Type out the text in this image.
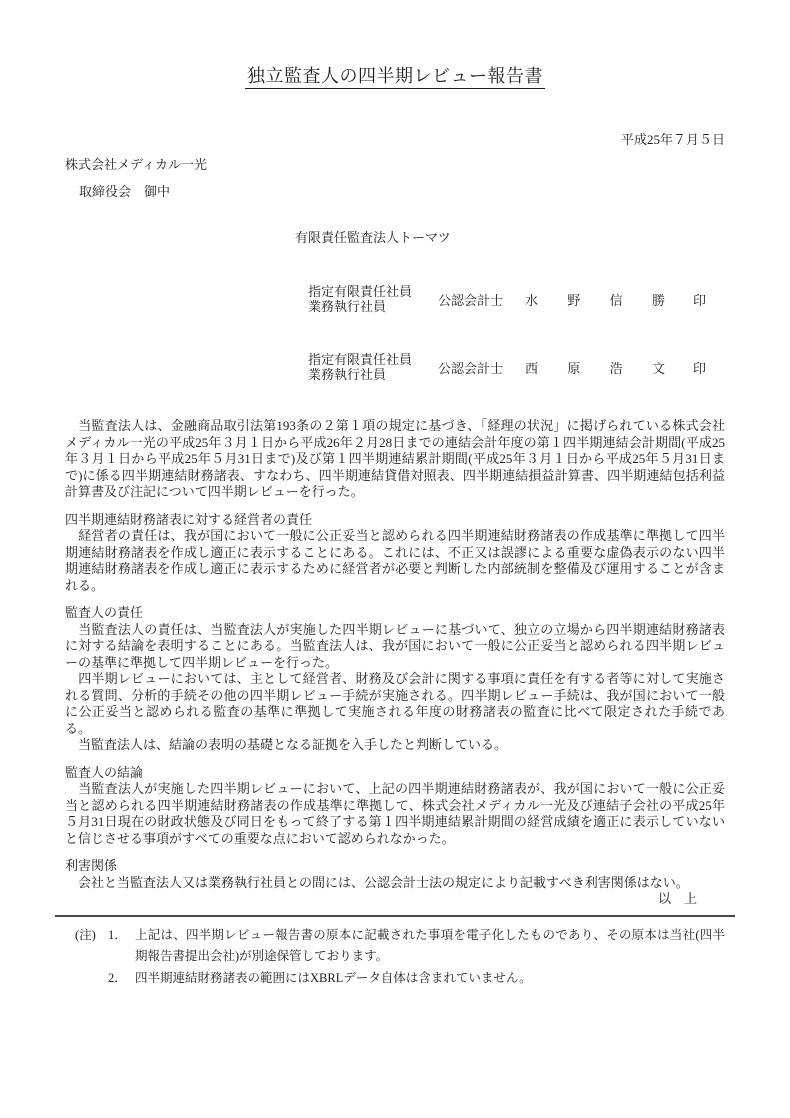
独立監査人の四半期レビュー報告書
平成25年７月５日
株式会社メディカル一光
取締役会　御中
有限責任監査法人トーマツ
指定有限責任社員
業務執行社員	公認会計士 水 野 信 勝 印
指定有限責任社員
業務執行社員	公認会計士 西 原 浩 文 印

　当監査法人は、金融商品取引法第193条の２第１項の規定に基づき、「経理の状況」に掲げられている株式会社メディカル一光の平成25年３月１日から平成26年２月28日までの連結会計年度の第１四半期連結会計期間(平成25年３月１日から平成25年５月31日まで)及び第１四半期連結累計期間(平成25年３月１日から平成25年５月31日まで)に係る四半期連結財務諸表、すなわち、四半期連結貸借対照表、四半期連結損益計算書、四半期連結包括利益計算書及び注記について四半期レビューを行った。

四半期連結財務諸表に対する経営者の責任

　経営者の責任は、我が国において一般に公正妥当と認められる四半期連結財務諸表の作成基準に準拠して四半期連結財務諸表を作成し適正に表示することにある。これには、不正又は誤謬による重要な虚偽表示のない四半期連結財務諸表を作成し適正に表示するために経営者が必要と判断した内部統制を整備及び運用することが含まれる。

監査人の責任

　当監査法人の責任は、当監査法人が実施した四半期レビューに基づいて、独立の立場から四半期連結財務諸表に対する結論を表明することにある。当監査法人は、我が国において一般に公正妥当と認められる四半期レビューの基準に準拠して四半期レビューを行った。

　四半期レビューにおいては、主として経営者、財務及び会計に関する事項に責任を有する者等に対して実施される質問、分析的手続その他の四半期レビュー手続が実施される。四半期レビュー手続は、我が国において一般に公正妥当と認められる監査の基準に準拠して実施される年度の財務諸表の監査に比べて限定された手続である。

　当監査法人は、結論の表明の基礎となる証拠を入手したと判断している。

監査人の結論

　当監査法人が実施した四半期レビューにおいて、上記の四半期連結財務諸表が、我が国において一般に公正妥当と認められる四半期連結財務諸表の作成基準に準拠して、株式会社メディカル一光及び連結子会社の平成25年５月31日現在の財政状態及び同日をもって終了する第１四半期連結累計期間の経営成績を適正に表示していないと信じさせる事項がすべての重要な点において認められなかった。

利害関係

　会社と当監査法人又は業務執行社員との間には、公認会計士法の規定により記載すべき利害関係はない。

以　上
(注) 1． 上記は、四半期レビュー報告書の原本に記載された事項を電子化したものであり、その原本は当社(四半期報告書提出会社)が別途保管しております。
2． 四半期連結財務諸表の範囲にはXBRLデータ自体は含まれていません。
